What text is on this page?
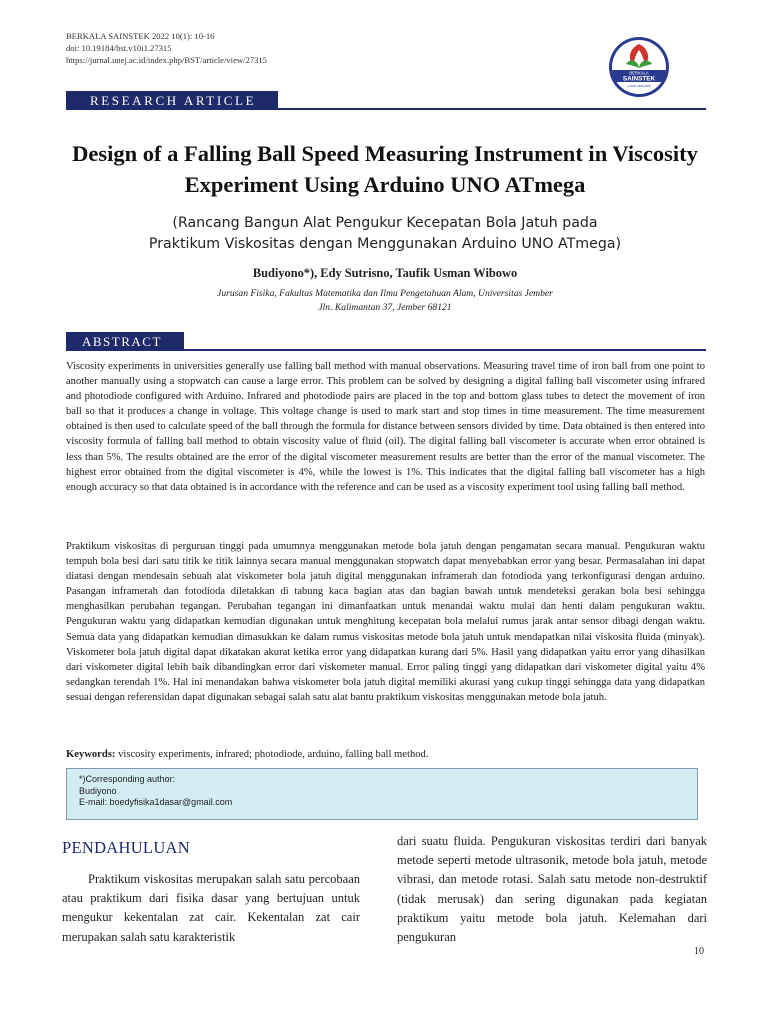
BERKALA SAINSTEK 2022 10(1): 10-16
doi: 10.19184/bst.v10i1.27315
https://jurnal.unej.ac.id/index.php/BST/article/view/27315
BERKALA
SAINSTEK
e-ISSN 2339-0069
RESEARCH ARTICLE
Design of a Falling Ball Speed Measuring Instrument in Viscosity Experiment Using Arduino UNO ATmega
(Rancang Bangun Alat Pengukur Kecepatan Bola Jatuh pada
Praktikum Viskositas dengan Menggunakan Arduino UNO ATmega)
Budiyono*), Edy Sutrisno, Taufik Usman Wibowo
Jurusan Fisika, Fakultas Matematika dan Ilmu Pengetahuan Alam, Universitas Jember
Jln. Kalimantan 37, Jember 68121
ABSTRACT
Viscosity experiments in universities generally use falling ball method with manual observations. Measuring travel time of iron ball from one point to another manually using a stopwatch can cause a large error. This problem can be solved by designing a digital falling ball viscometer using infrared and photodiode configured with Arduino. Infrared and photodiode pairs are placed in the top and bottom glass tubes to detect the movement of iron ball so that it produces a change in voltage. This voltage change is used to mark start and stop times in time measurement. The time measurement obtained is then used to calculate speed of the ball through the formula for distance between sensors divided by time. Data obtained is then entered into viscosity formula of falling ball method to obtain viscosity value of fluid (oil). The digital falling ball viscometer is accurate when error obtained is less than 5%. The results obtained are the error of the digital viscometer measurement results are better than the error of the manual viscometer. The highest error obtained from the digital viscometer is 4%, while the lowest is 1%. This indicates that the digital falling ball viscometer has a high enough accuracy so that data obtained is in accordance with the reference and can be used as a viscosity experiment tool using falling ball method.
Praktikum viskositas di perguruan tinggi pada umumnya menggunakan metode bola jatuh dengan pengamatan secara manual. Pengukuran waktu tempuh bola besi dari satu titik ke titik lainnya secara manual menggunakan stopwatch dapat menyebabkan error yang besar. Permasalahan ini dapat diatasi dengan mendesain sebuah alat viskometer bola jatuh digital menggunakan inframerah dan fotodioda yang terkonfigurasi dengan arduino. Pasangan inframerah dan fotodioda diletakkan di tabung kaca bagian atas dan bagian bawah untuk mendeteksi gerakan bola besi sehingga menghasilkan perubahan tegangan. Perubahan tegangan ini dimanfaatkan untuk menandai waktu mulai dan henti dalam pengukuran waktu. Pengukuran waktu yang didapatkan kemudian digunakan untuk menghitung kecepatan bola melalui rumus jarak antar sensor dibagi dengan waktu. Semua data yang didapatkan kemudian dimasukkan ke dalam rumus viskositas metode bola jatuh untuk mendapatkan nilai viskosita fluida (minyak). Viskometer bola jatuh digital dapat dikatakan akurat ketika error yang didapatkan kurang dari 5%. Hasil yang didapatkan yaitu error yang dihasilkan dari viskometer digital lebih baik dibandingkan error dari viskometer manual. Error paling tinggi yang didapatkan dari viskometer digital yaitu 4% sedangkan terendah 1%. Hal ini menandakan bahwa viskometer bola jatuh digital memiliki akurasi yang cukup tinggi sehingga data yang didapatkan sesuai dengan referensidan dapat digunakan sebagai salah satu alat bantu praktikum viskositas menggunakan metode bola jatuh.
Keywords: viscosity experiments, infrared; photodiode, arduino, falling ball method.
*)Corresponding author:
Budiyono
E-mail: boedyfisika1dasar@gmail.com
PENDAHULUAN
Praktikum viskositas merupakan salah satu percobaan atau praktikum dari fisika dasar yang bertujuan untuk mengukur kekentalan zat cair. Kekentalan zat cair merupakan salah satu karakteristik
dari suatu fluida. Pengukuran viskositas terdiri dari banyak metode seperti metode ultrasonik, metode bola jatuh, metode vibrasi, dan metode rotasi. Salah satu metode non-destruktif (tidak merusak) dan sering digunakan pada kegiatan praktikum yaitu metode bola jatuh. Kelemahan dari pengukuran
10
